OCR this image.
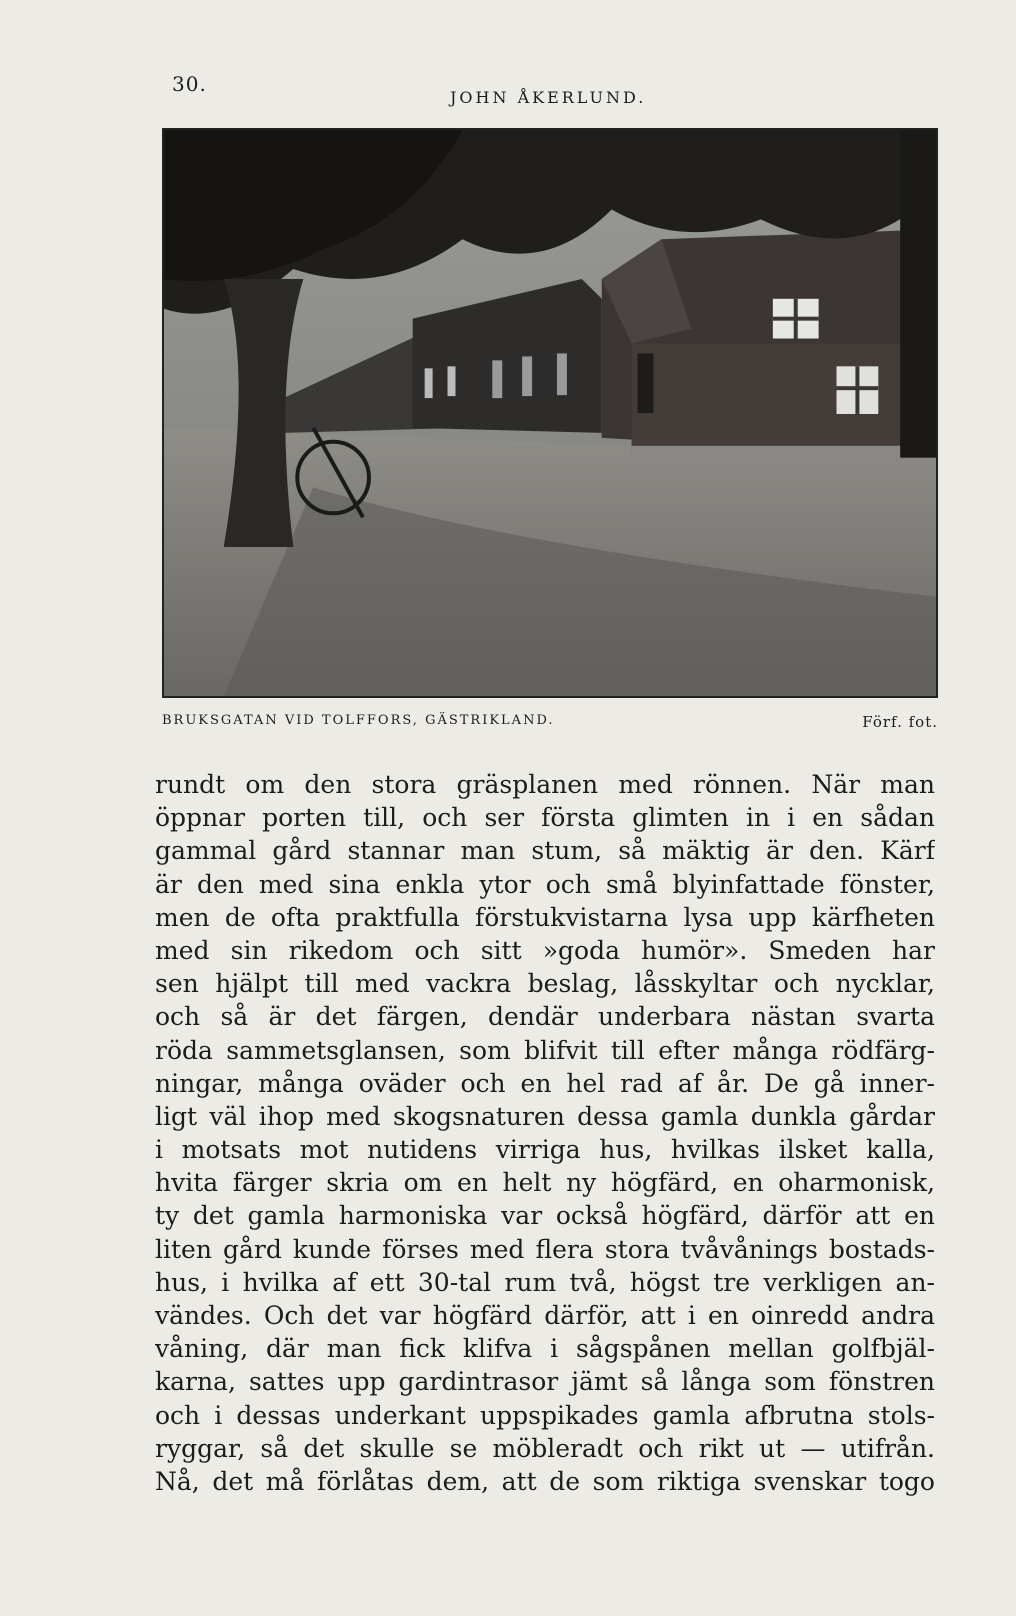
30.
JOHN ÅKERLUND.
BRUKSGATAN VID TOLFFORS, GÄSTRIKLAND.	Förf. fot.
rundt om den stora gräsplanen med rönnen. När man
öppnar porten till, och ser första glimten in i en sådan
gammal gård stannar man stum, så mäktig är den. Kärf
är den med sina enkla ytor och små blyinfattade fönster,
men de ofta praktfulla förstukvistarna lysa upp kärfheten
med sin rikedom och sitt »goda humör». Smeden har
sen hjälpt till med vackra beslag, låsskyltar och nycklar,
och så är det färgen, dendär underbara nästan svarta
röda sammetsglansen, som blifvit till efter många rödfärg-
ningar, många oväder och en hel rad af år. De gå inner-
ligt väl ihop med skogsnaturen dessa gamla dunkla gårdar
i motsats mot nutidens virriga hus, hvilkas ilsket kalla,
hvita färger skria om en helt ny högfärd, en oharmonisk,
ty det gamla harmoniska var också högfärd, därför att en
liten gård kunde förses med flera stora tvåvånings bostads-
hus, i hvilka af ett 30-tal rum två, högst tre verkligen an-
vändes. Och det var högfärd därför, att i en oinredd andra
våning, där man fick klifva i sågspånen mellan golfbjäl-
karna, sattes upp gardintrasor jämt så långa som fönstren
och i dessas underkant uppspikades gamla afbrutna stols-
ryggar, så det skulle se möbleradt och rikt ut — utifrån.
Nå, det må förlåtas dem, att de som riktiga svenskar togo
